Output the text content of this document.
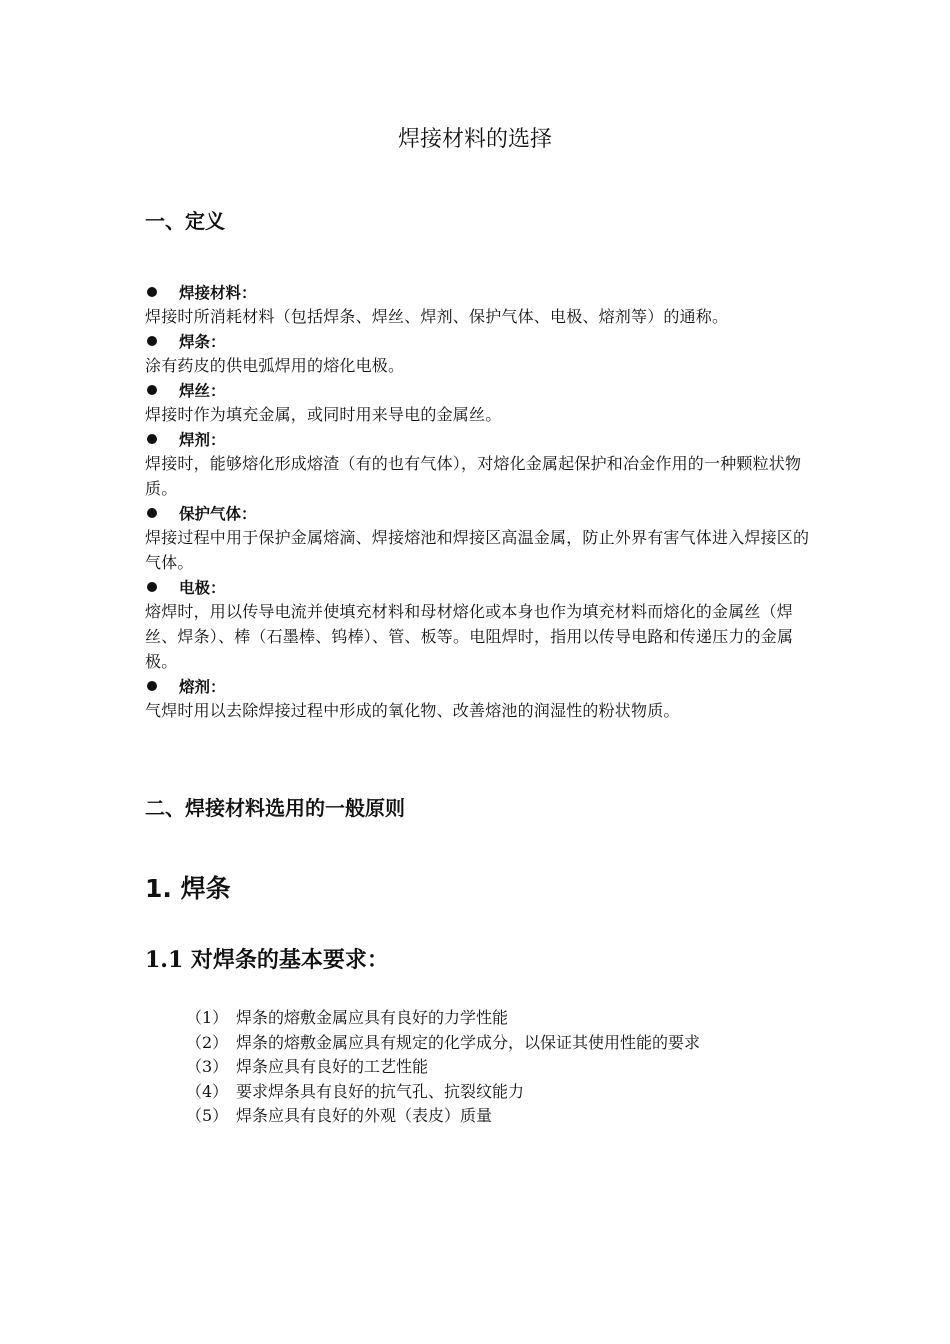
焊接材料的选择
一、定义
焊接材料：
焊接时所消耗材料（包括焊条、焊丝、焊剂、保护气体、电极、熔剂等）的通称。
焊条：
涂有药皮的供电弧焊用的熔化电极。
焊丝：
焊接时作为填充金属，或同时用来导电的金属丝。
焊剂：
焊接时，能够熔化形成熔渣（有的也有气体），对熔化金属起保护和冶金作用的一种颗粒状物质。
保护气体：
焊接过程中用于保护金属熔滴、焊接熔池和焊接区高温金属，防止外界有害气体进入焊接区的气体。
电极：
熔焊时，用以传导电流并使填充材料和母材熔化或本身也作为填充材料而熔化的金属丝（焊丝、焊条）、棒（石墨棒、钨棒）、管、板等。电阻焊时，指用以传导电路和传递压力的金属极。
熔剂：
气焊时用以去除焊接过程中形成的氧化物、改善熔池的润湿性的粉状物质。
二、焊接材料选用的一般原则
1. 焊条
1.1 对焊条的基本要求：
（1） 焊条的熔敷金属应具有良好的力学性能
（2） 焊条的熔敷金属应具有规定的化学成分，以保证其使用性能的要求
（3） 焊条应具有良好的工艺性能
（4） 要求焊条具有良好的抗气孔、抗裂纹能力
（5） 焊条应具有良好的外观（表皮）质量
